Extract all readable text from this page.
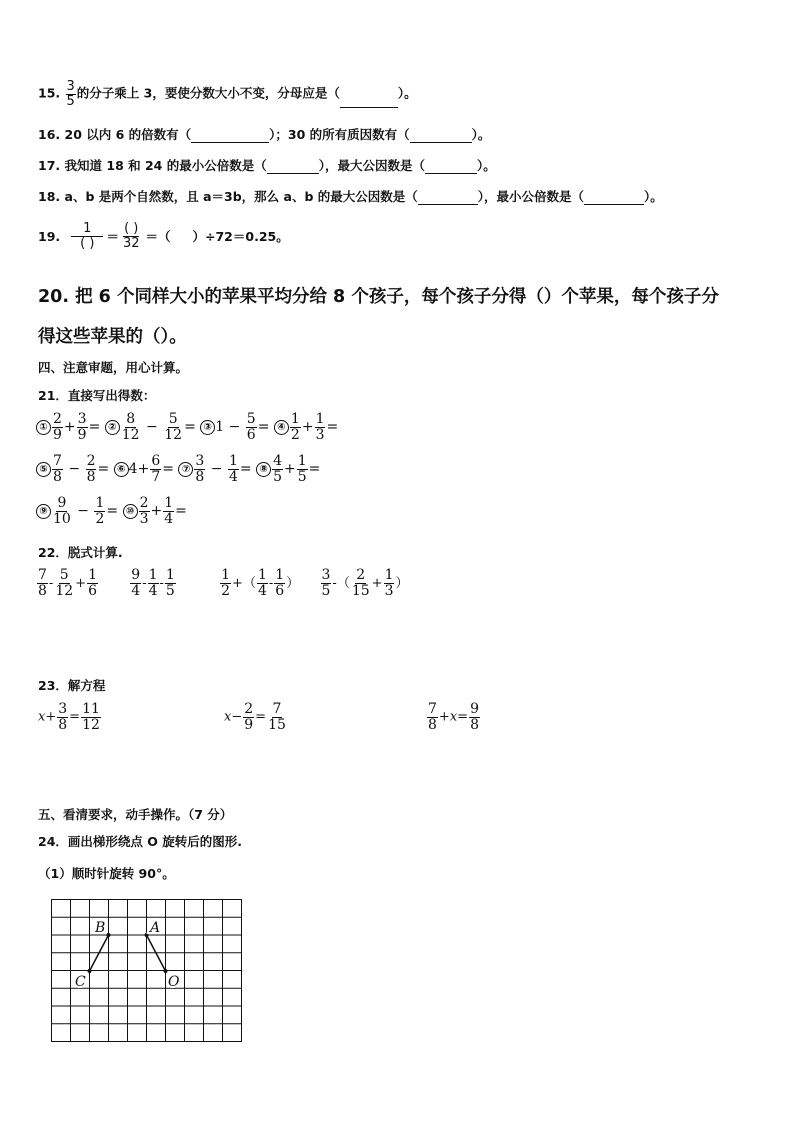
15. $\frac{3}{5}$ 的分子乘上 3，要使分数大小不变，分母应是（	）。
16. 20 以内 6 的倍数有（	）；30 的所有质因数有（	）。
17. 我知道 18 和 24 的最小公倍数是（	），最大公因数是（	）。
18. a、b 是两个自然数，且 a＝3b，那么 a、b 的最大公因数是（	），最小公倍数是（	）。
19. $\frac{1}{( )} = \frac{( )}{32}$ ＝（ ）÷72＝0.25。
20. 把 6 个同样大小的苹果平均分给 8 个孩子，每个孩子分得（）个苹果，每个孩子分
得这些苹果的（）。
四、注意审题，用心计算。
21．直接写出得数：
① $\frac{2}{9} + \frac{3}{9}$ = ② $\frac{8}{12} - \frac{5}{12}$ = ③ $1 - \frac{5}{6}$ = ④ $\frac{1}{2} + \frac{1}{3}$ =
⑤ $\frac{7}{8} - \frac{2}{8}$ = ⑥ $4+ \frac{6}{7}$ = ⑦ $\frac{3}{8} - \frac{1}{4}$ = ⑧ $\frac{4}{5} + \frac{1}{5}$ =
⑨ $\frac{9}{10} - \frac{1}{2}$ = ⑩ $\frac{2}{3} + \frac{1}{4}$ =
22．脱式计算.
$\frac{7}{8} - \frac{5}{12} + \frac{1}{6}$
$\frac{9}{4} - \frac{1}{4} - \frac{1}{5}$
	$\frac{1}{2}$ +（ $\frac{1}{4} - \frac{1}{6}$ ） $\frac{3}{5}$ -（ $\frac{2}{15} + \frac{1}{3}$ ）
23．解方程
$x+ \frac{3}{8} = \frac{11}{12}$	$x- \frac{2}{9} = \frac{7}{15}$	$\frac{7}{8} +x= \frac{9}{8}$
五、看清要求，动手操作。（7 分）
24．画出梯形绕点 O 旋转后的图形.
（1）顺时针旋转 90°。
B	A
C	O
